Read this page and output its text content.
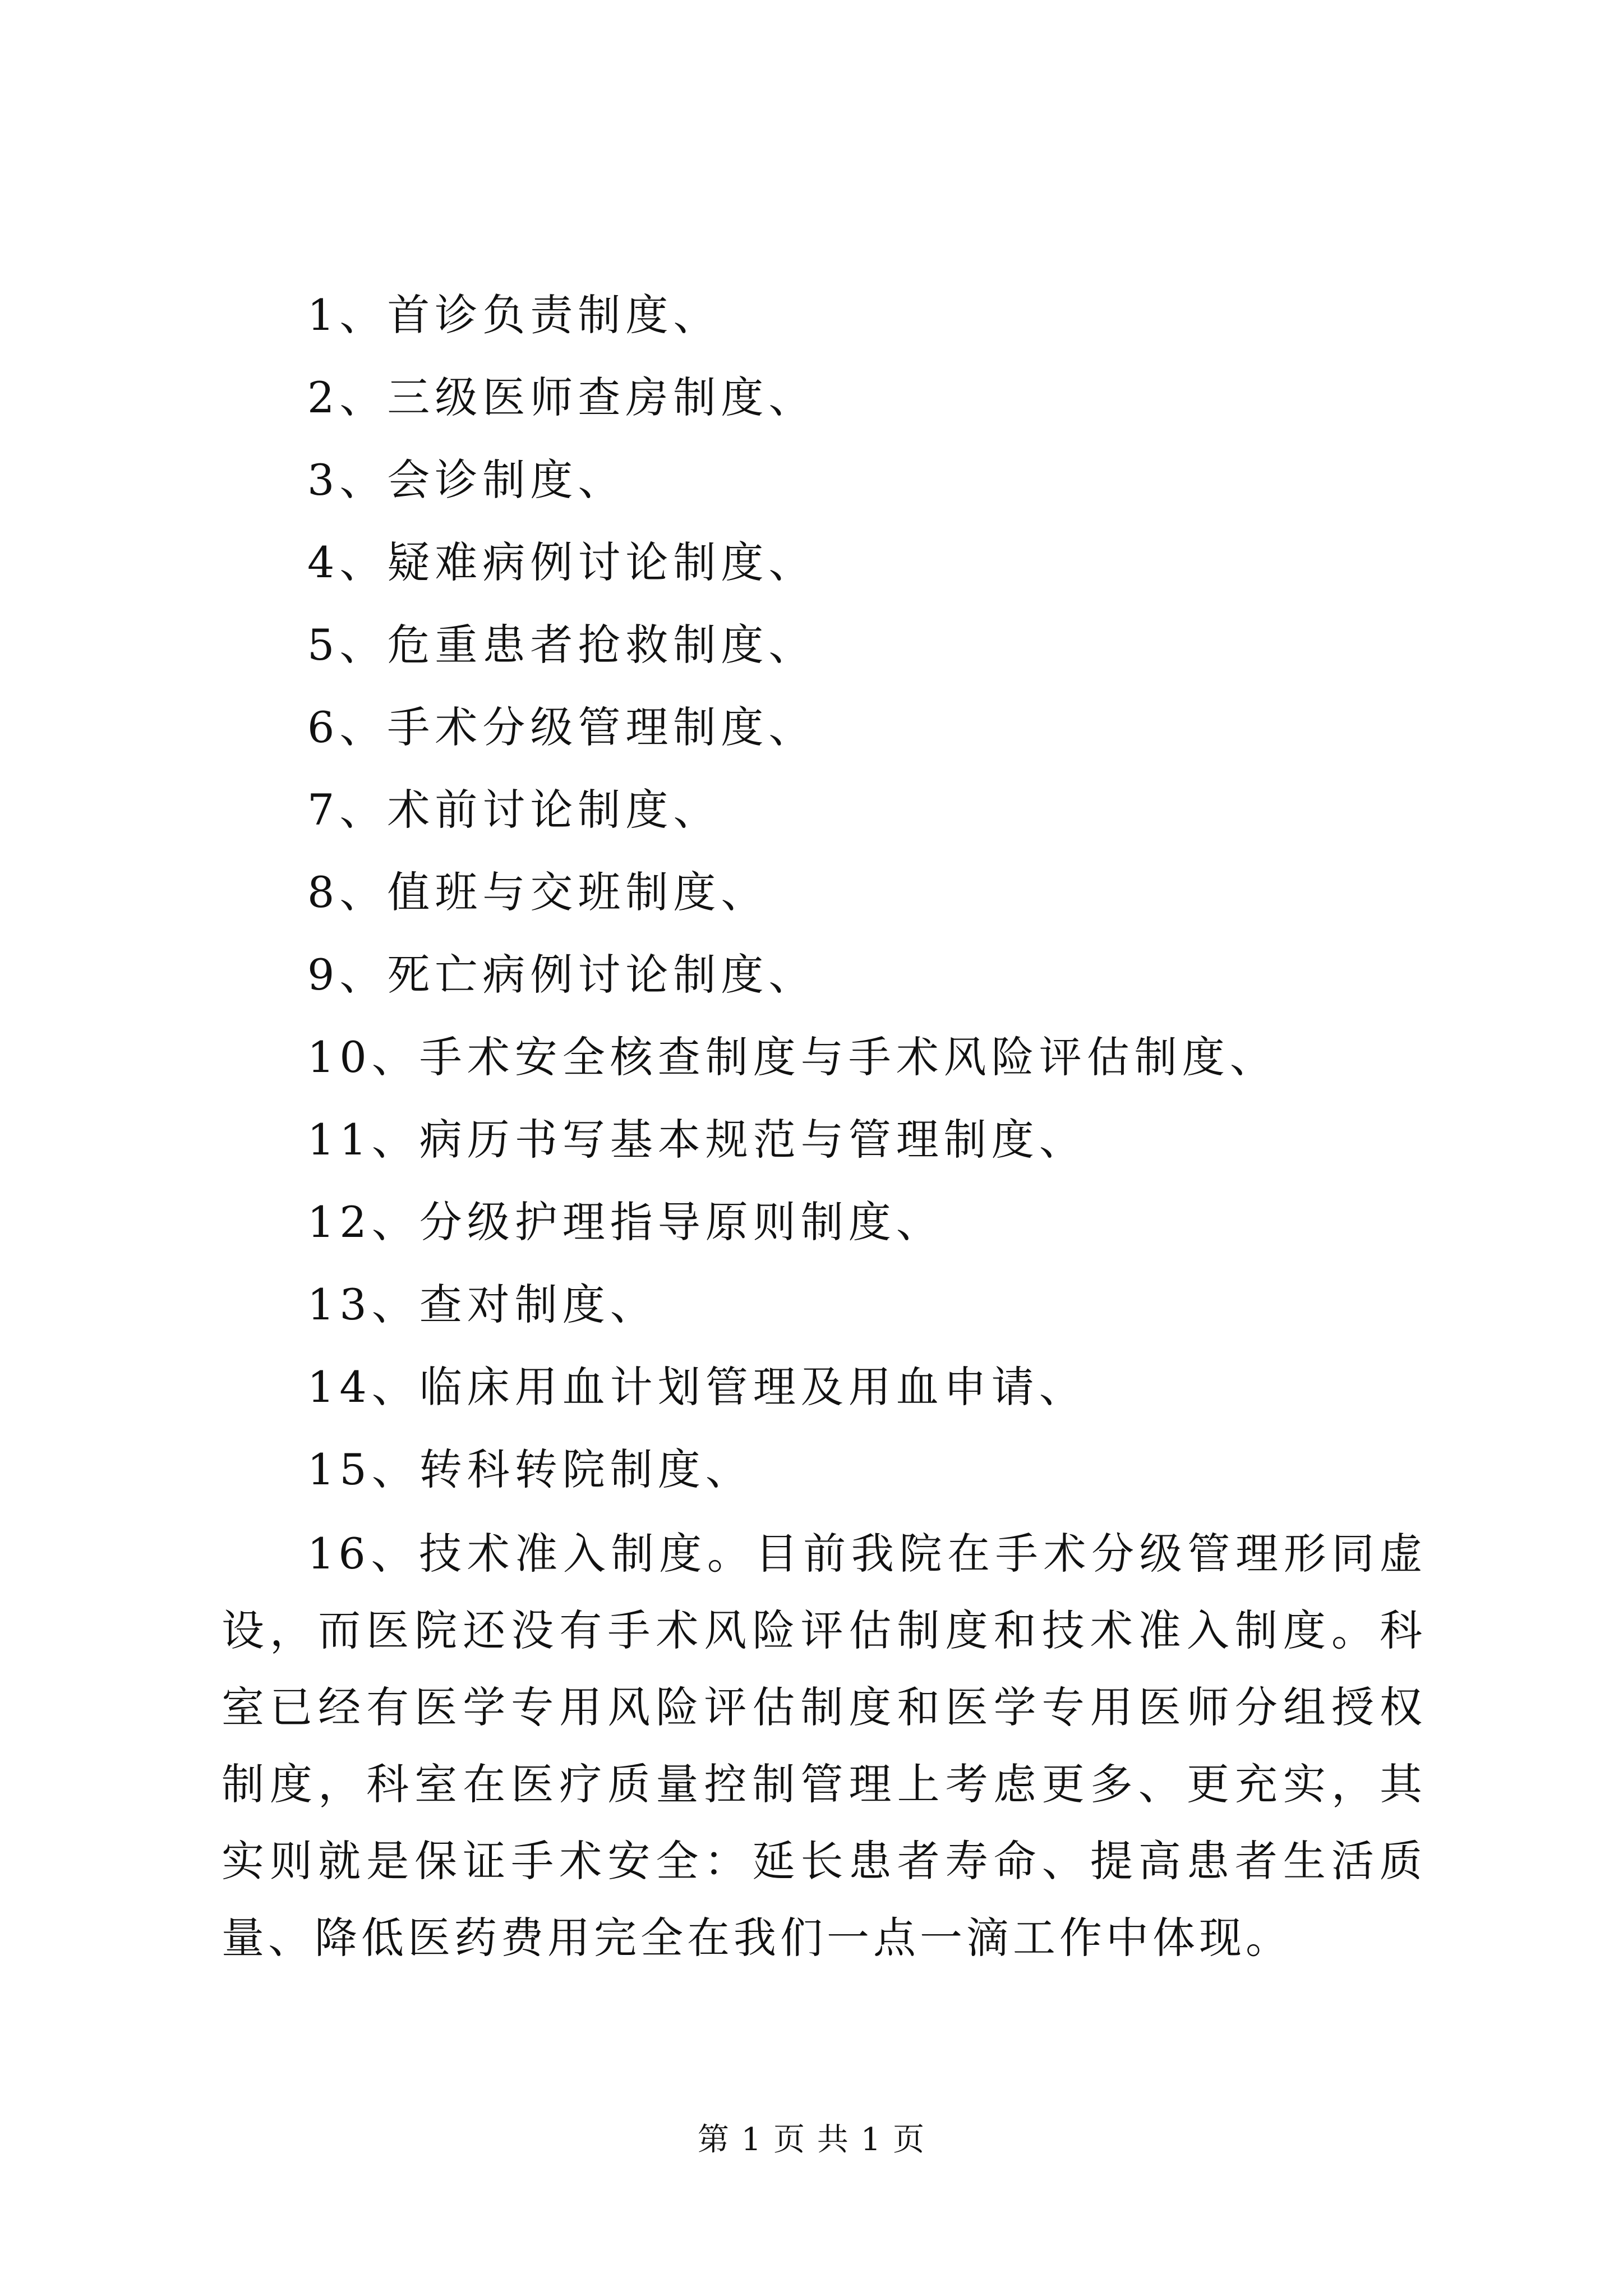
1、首诊负责制度、
2、三级医师查房制度、
3、会诊制度、
4、疑难病例讨论制度、
5、危重患者抢救制度、
6、手术分级管理制度、
7、术前讨论制度、
8、值班与交班制度、
9、死亡病例讨论制度、
10、手术安全核查制度与手术风险评估制度、
11、病历书写基本规范与管理制度、
12、分级护理指导原则制度、
13、查对制度、
14、临床用血计划管理及用血申请、
15、转科转院制度、

16、技术准入制度。目前我院在手术分级管理形同虚设，而医院还没有手术风险评估制度和技术准入制度。科室已经有医学专用风险评估制度和医学专用医师分组授权制度，科室在医疗质量控制管理上考虑更多、更充实，其实则就是保证手术安全：延长患者寿命、提高患者生活质量、降低医药费用完全在我们一点一滴工作中体现。

第 1 页 共 1 页
